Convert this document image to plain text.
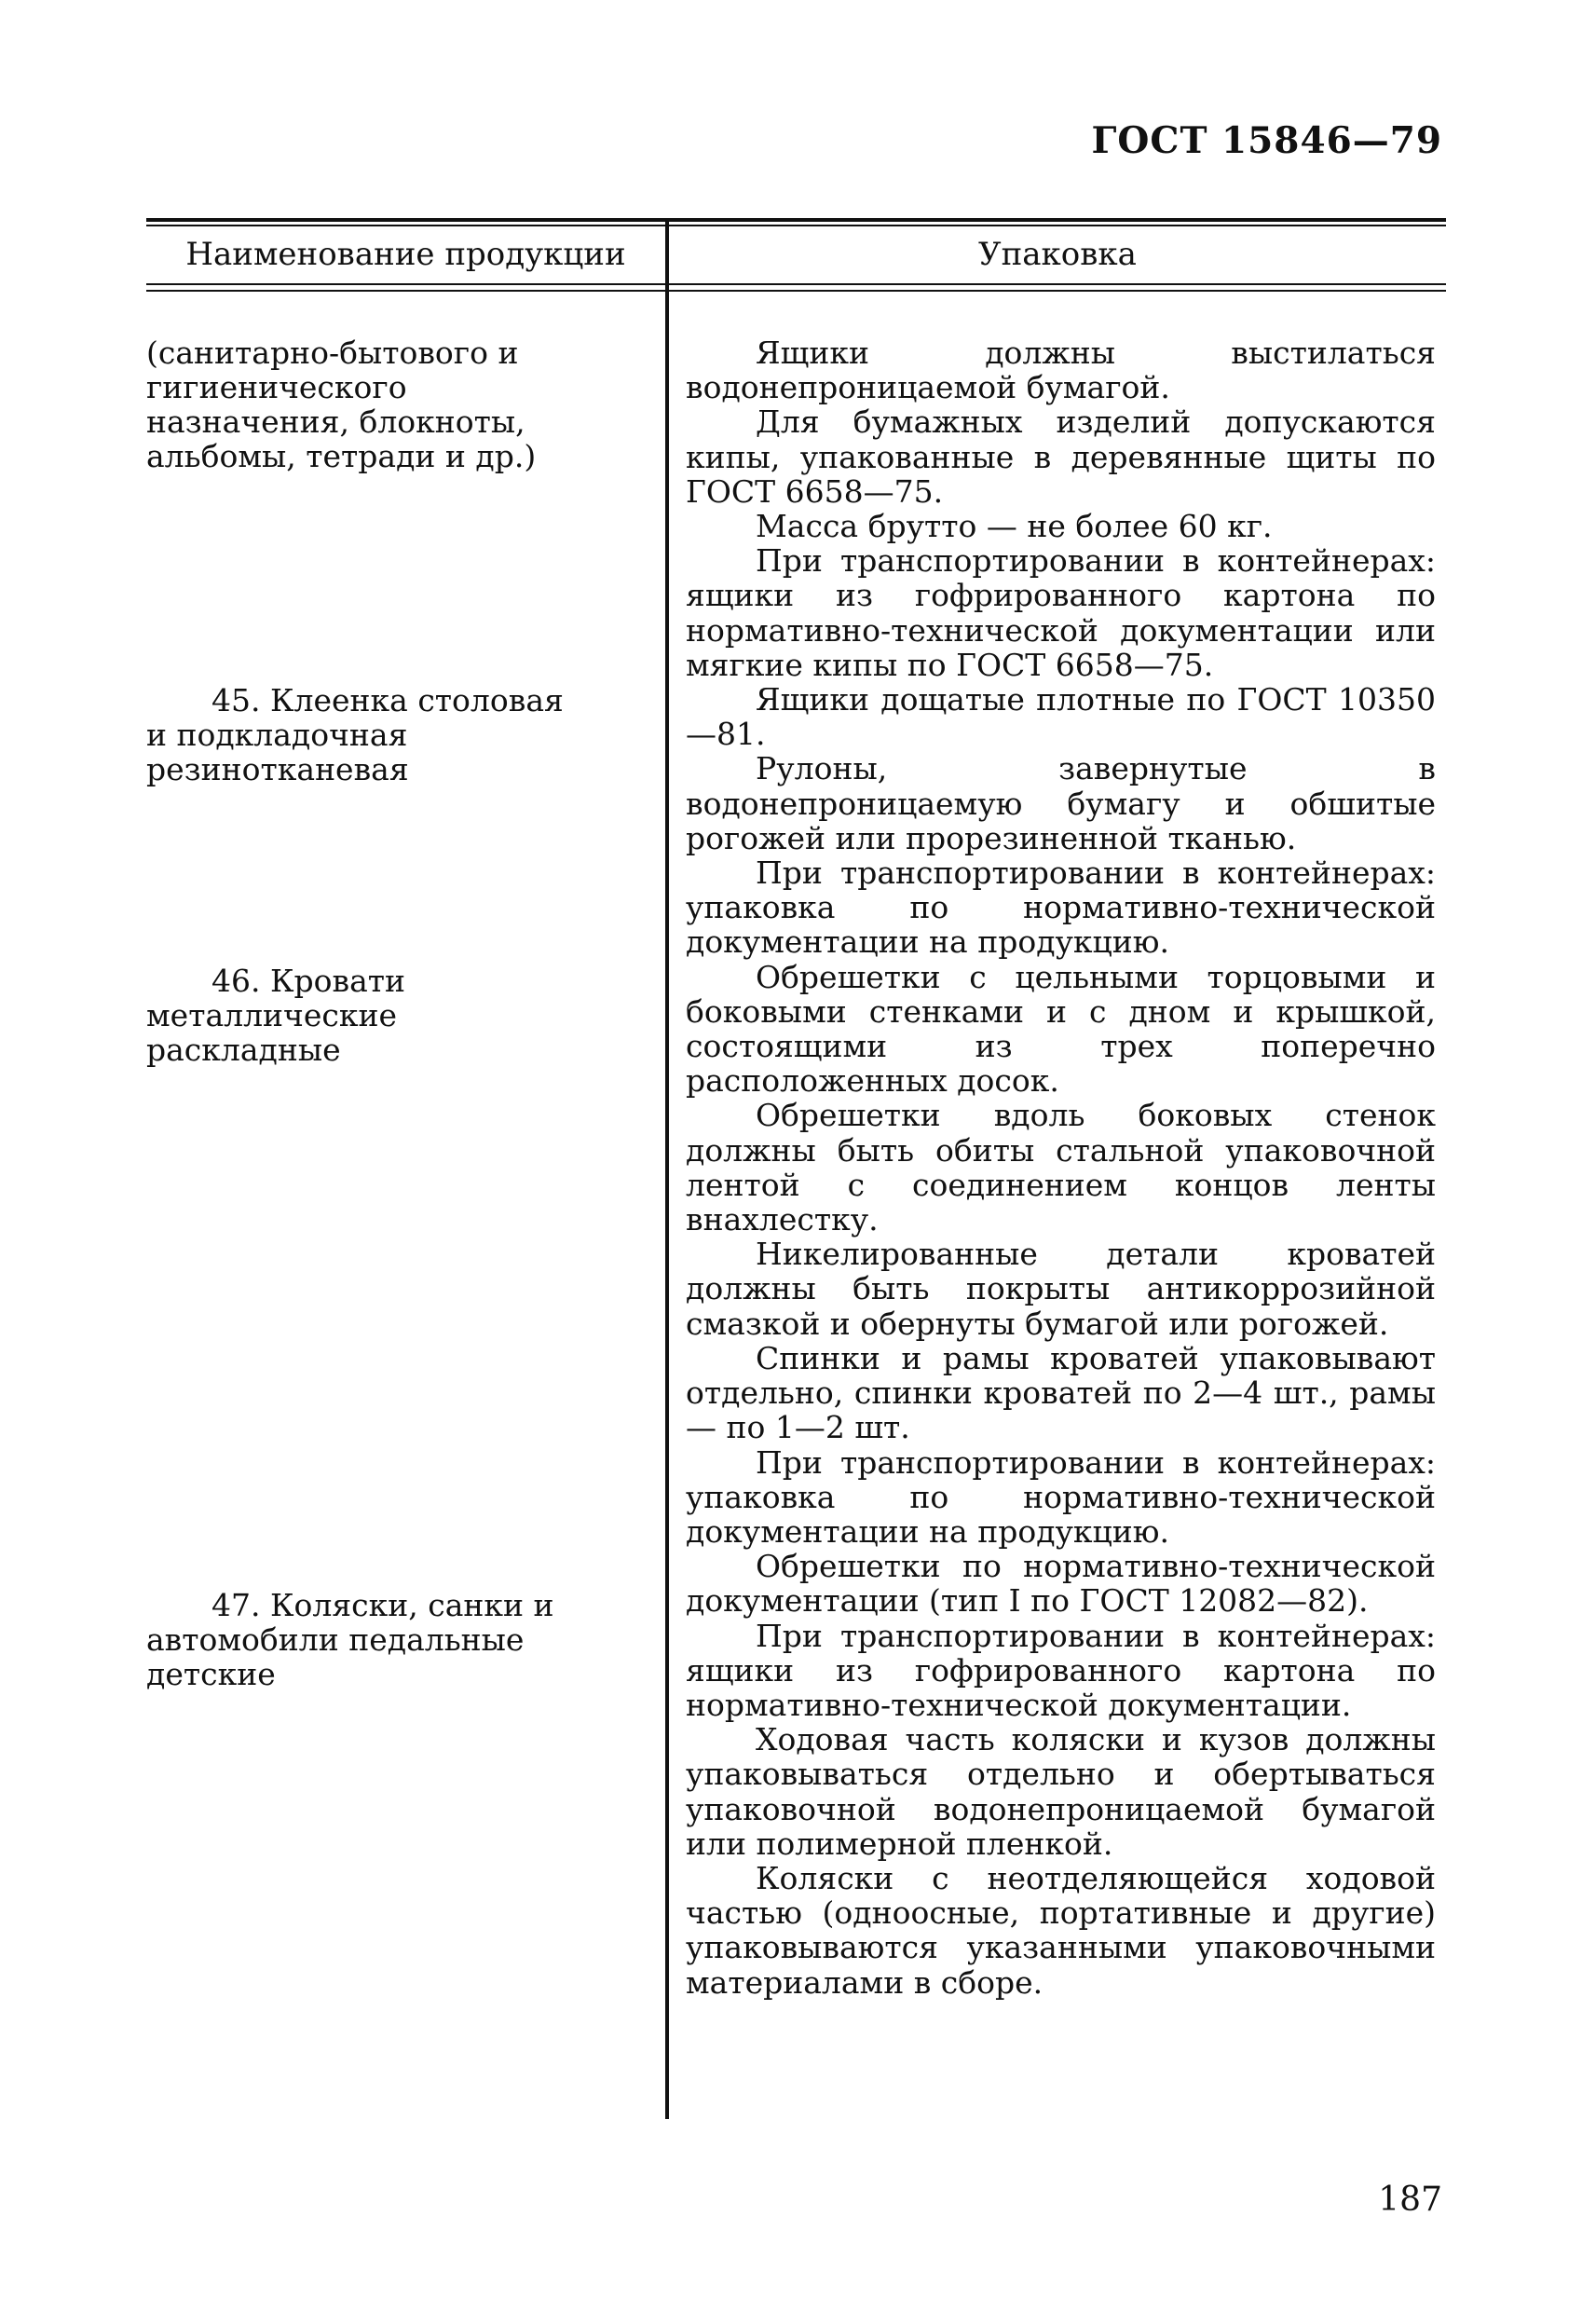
ГОСТ 15846—79
Наименование продукции	Упаковка

(санитарно-бытового и гигиенического назначения, блокноты, альбомы, тетради и др.)

45. Клеенка столовая и подкладочная резинотканевая

46. Кровати металлические раскладные

47. Коляски, санки и автомобили педальные детские

Ящики должны выстилаться водонепроницаемой бумагой.

Для бумажных изделий допускаются кипы, упакованные в деревянные щиты по ГОСТ 6658—75.

Масса брутто — не более 60 кг.

При транспортировании в контейнерах: ящики из гофрированного картона по нормативно-технической документации или мягкие кипы по ГОСТ 6658—75.

Ящики дощатые плотные по ГОСТ 10350—81.

Рулоны, завернутые в водонепроницаемую бумагу и обшитые рогожей или прорезиненной тканью.

При транспортировании в контейнерах: упаковка по нормативно-технической документации на продукцию.

Обрешетки с цельными торцовыми и боковыми стенками и с дном и крышкой, состоящими из трех поперечно расположенных досок.

Обрешетки вдоль боковых стенок должны быть обиты стальной упаковочной лентой с соединением концов ленты внахлестку.

Никелированные детали кроватей должны быть покрыты антикоррозийной смазкой и обернуты бумагой или рогожей.

Спинки и рамы кроватей упаковывают отдельно, спинки кроватей по 2—4 шт., рамы — по 1—2 шт.

При транспортировании в контейнерах: упаковка по нормативно-технической документации на продукцию.

Обрешетки по нормативно-технической документации (тип I по ГОСТ 12082—82).

При транспортировании в контейнерах: ящики из гофрированного картона по нормативно-технической документации.

Ходовая часть коляски и кузов должны упаковываться отдельно и обертываться упаковочной водонепроницаемой бумагой или полимерной пленкой.

Коляски с неотделяющейся ходовой частью (одноосные, портативные и другие) упаковываются указанными упаковочными материалами в сборе.

187
